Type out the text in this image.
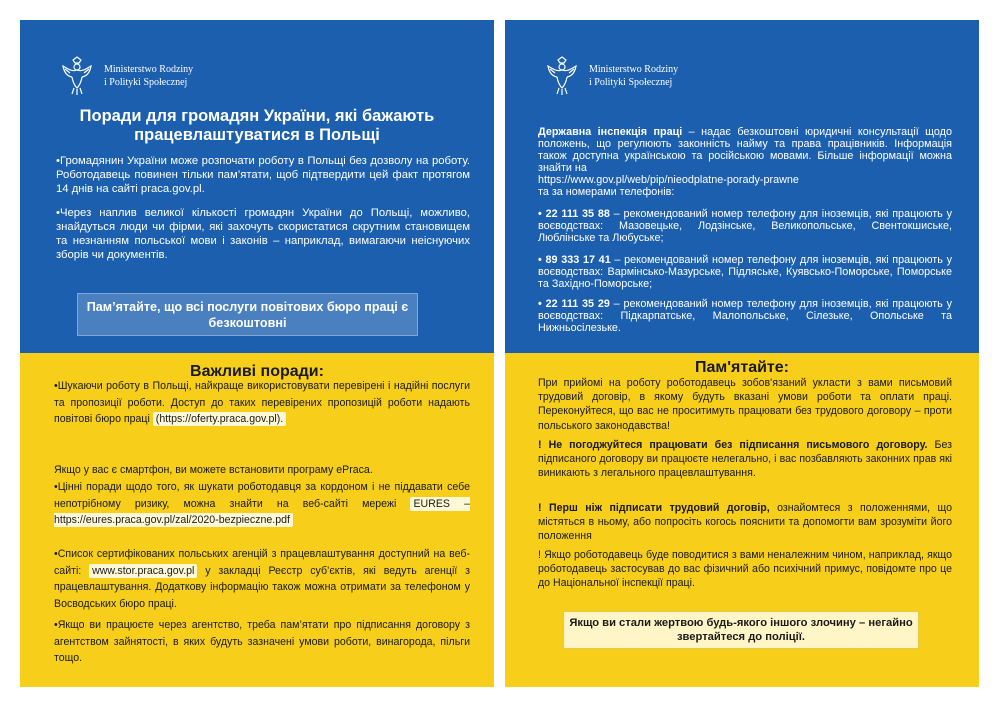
Ministerstwo Rodziny
i Polityki Społecznej
Поради для громадян України, які бажають працевлаштуватися в Польщі
•Громадянин України може розпочати роботу в Польщі без дозволу на роботу. Роботодавець повинен тільки пам’ятати, щоб підтвердити цей факт протягом 14 днів на сайті praca.gov.pl.
•Через наплив великої кількості громадян України до Польщі, можливо, знайдуться люди чи фірми, які захочуть скористатися скрутним становищем та незнанням польської мови і законів – наприклад, вимагаючи неіснуючих зборів чи документів.
Пам’ятайте, що всі послуги повітових бюро праці є безкоштовні
Важливі поради:
•Шукаючи роботу в Польщі, найкраще використовувати перевірені і надійні послуги та пропозиції роботи. Доступ до таких перевірених пропозицій роботи надають повітові бюро праці (https://oferty.praca.gov.pl).
Якщо у вас є смартфон, ви можете встановити програму ePraca.
•Цінні поради щодо того, як шукати роботодавця за кордоном і не піддавати себе непотрібному ризику, можна знайти на веб-сайті мережі EURES – https://eures.praca.gov.pl/zal/2020-bezpieczne.pdf
•Список сертифікованих польських агенцій з працевлаштування доступний на веб-сайті: www.stor.praca.gov.pl у закладці Реєстр суб’єктів, які ведуть агенції з працевлаштування. Додаткову інформацію також можна отримати за телефоном у Восводських бюро праці.
•Якщо ви працюєте через агентство, треба пам’ятати про підписання договору з агентством зайнятості, в яких будуть зазначені умови роботи, винагорода, пільги тощо.
Ministerstwo Rodziny
i Polityki Społecznej
Державна інспекція праці – надає безкоштовні юридичні консультації щодо положень, що регулюють законність найму та права працівників. Інформація також доступна українською та російською мовами. Більше інформації можна знайти на
https://www.gov.pl/web/pip/nieodplatne-porady-prawne
та за номерами телефонів:
• 22 111 35 88 – рекомендований номер телефону для іноземців, які працюють у воєводствах: Мазовецьке, Лодзінське, Великопольське, Свентокшиське, Люблінське та Любуське;
• 89 333 17 41 – рекомендований номер телефону для іноземців, які працюють у воєводствах: Вармінсько-Мазурське, Підляське, Куявсько-Поморське, Поморське та Західно-Поморське;
• 22 111 35 29 – рекомендований номер телефону для іноземців, які працюють у воєводствах: Підкарпатське, Малопольське, Сілезьке, Опольське та Нижньосілезьке.
Пам'ятайте:
При прийомі на роботу роботодавець зобов'язаний укласти з вами письмовий трудовий договір, в якому будуть вказані умови роботи та оплати праці. Переконуйтеся, що вас не проситимуть працювати без трудового договору – проти польського законодавства!
! Не погоджуйтеся працювати без підписання письмового договору. Без підписаного договору ви працюєте нелегально, і вас позбавляють законних прав які виникають з легального працевлаштування.
! Перш ніж підписати трудовий договір, ознайомтеся з положеннями, що містяться в ньому, або попросіть когось пояснити та допомогти вам зрозуміти його положення
! Якщо роботодавець буде поводитися з вами неналежним чином, наприклад, якщо роботодавець застосував до вас фізичний або психічний примус, повідомте про це до Національної інспекції праці.
Якщо ви стали жертвою будь-якого іншого злочину – негайно звертайтеся до поліції.
